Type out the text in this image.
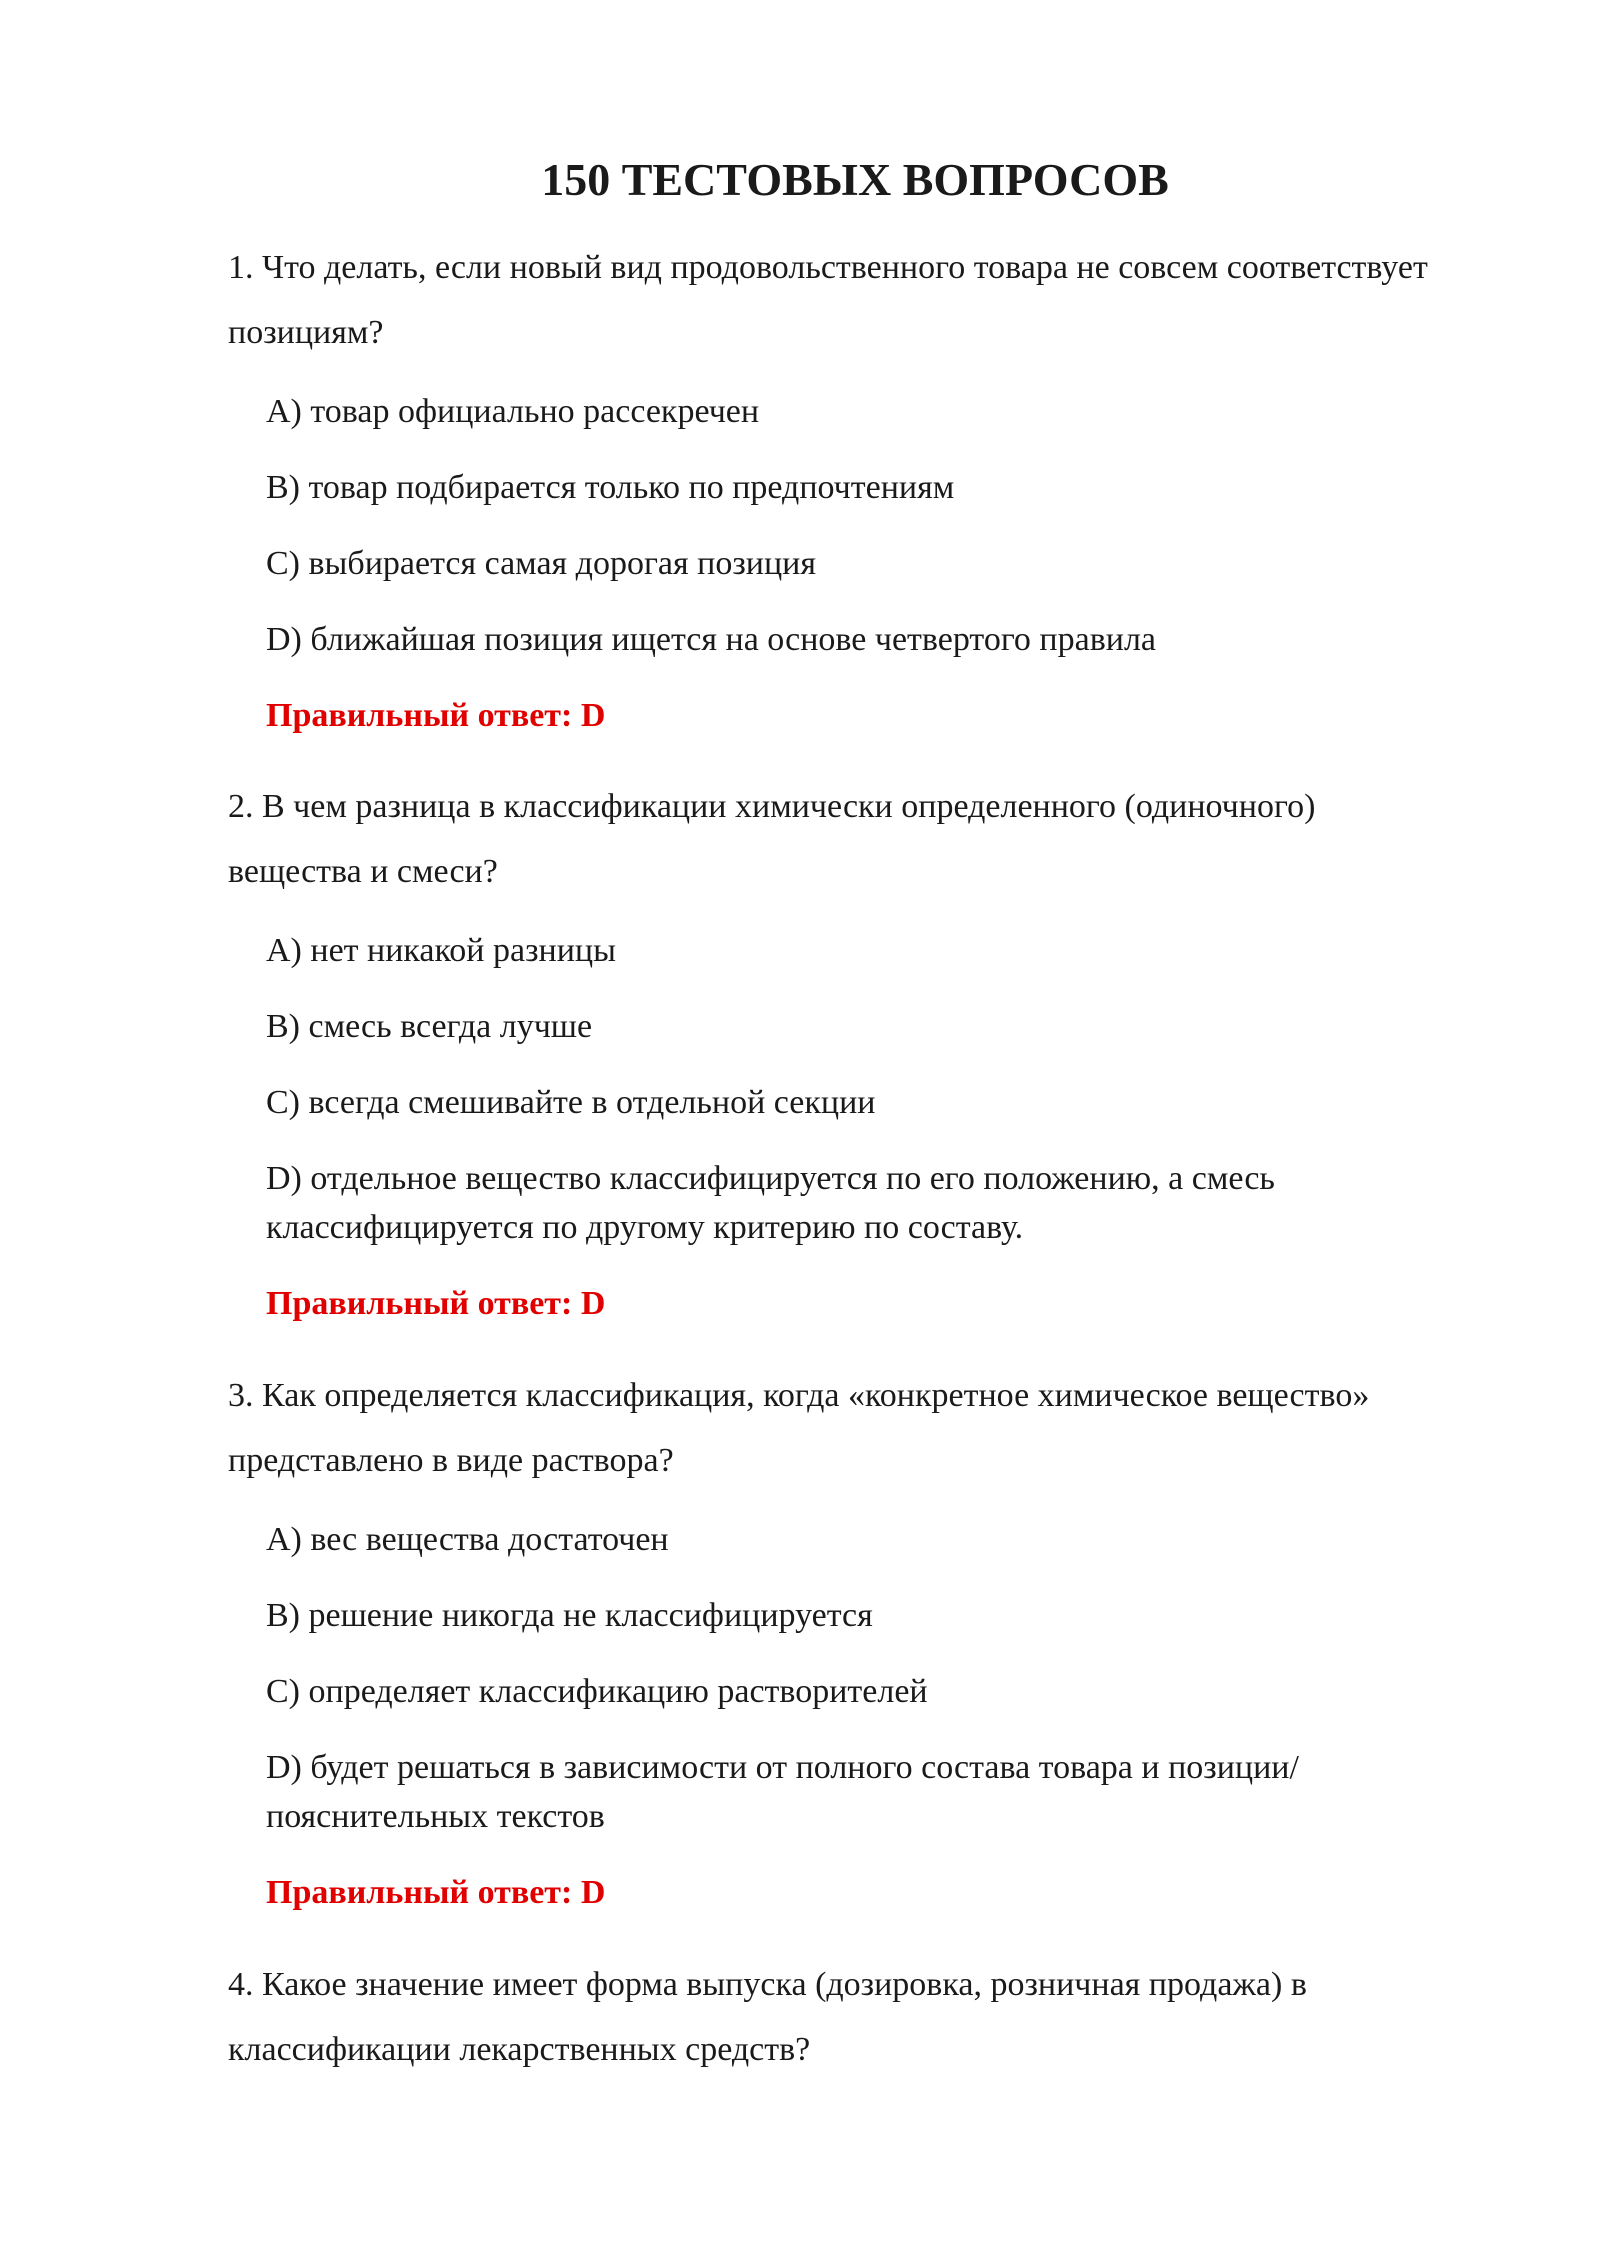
150 ТЕСТОВЫХ ВОПРОСОВ

1. Что делать, если новый вид продовольственного товара не совсем соответствует позициям?

A) товар официально рассекречен
B) товар подбирается только по предпочтениям
C) выбирается самая дорогая позиция
D) ближайшая позиция ищется на основе четвертого правила
Правильный ответ: D

2. В чем разница в классификации химически определенного (одиночного) вещества и смеси?

A) нет никакой разницы
B) смесь всегда лучше
C) всегда смешивайте в отдельной секции
D) отдельное вещество классифицируется по его положению, а смесь классифицируется по другому критерию по составу.
Правильный ответ: D

3. Как определяется классификация, когда «конкретное химическое вещество» представлено в виде раствора?

A) вес вещества достаточен
B) решение никогда не классифицируется
C) определяет классификацию растворителей
D) будет решаться в зависимости от полного состава товара и позиции/пояснительных текстов
Правильный ответ: D

4. Какое значение имеет форма выпуска (дозировка, розничная продажа) в классификации лекарственных средств?
